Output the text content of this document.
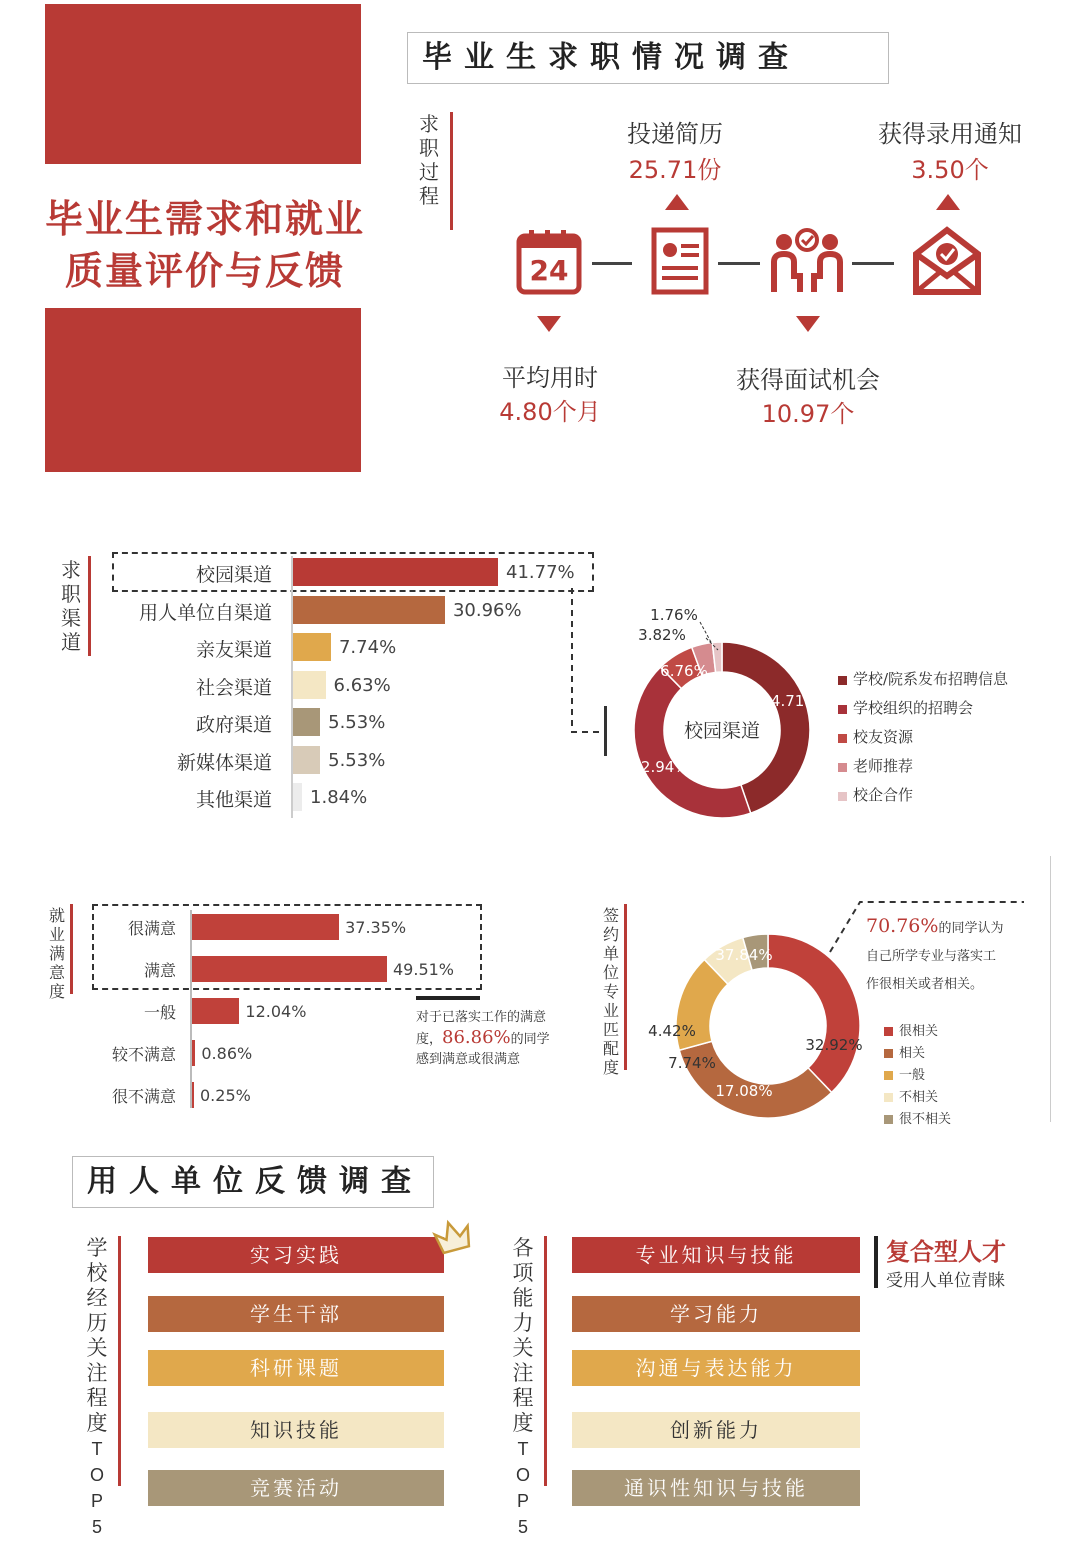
毕业生需求和就业
质量评价与反馈
毕业生求职情况调查
求职过程
投递简历
25.71份
获得录用通知
3.50个
24
平均用时
4.80个月
获得面试机会
10.97个
求职渠道
校园渠道	41.77%
用人单位自渠道	30.96%
亲友渠道	7.74%
社会渠道	6.63%
政府渠道	5.53%
新媒体渠道	5.53%
其他渠道 1.84%
44.71%
42.94%
6.76%
3.82%
1.76%
校园渠道
学校/院系发布招聘信息
学校组织的招聘会
校友资源
老师推荐
校企合作
就业满意度
很满意	37.35%
满意	49.51%
一般	12.04%
较不满意 0.86%
很不满意 0.25%
对于已落实工作的满意
度，86.86%的同学
感到满意或很满意
签约单位专业匹配度
70.76%的同学认为
自己所学专业与落实工
作很相关或者相关。
37.84%
32.92%
17.08%
7.74%
4.42%	很相关
相关
一般
不相关
很不相关
用人单位反馈调查
学校经历关注程度 TOP5
实习实践
学生干部
科研课题
知识技能
竞赛活动
各项能力关注程度 TOP5
专业知识与技能
学习能力
沟通与表达能力
创新能力
通识性知识与技能
复合型人才
受用人单位青睐
